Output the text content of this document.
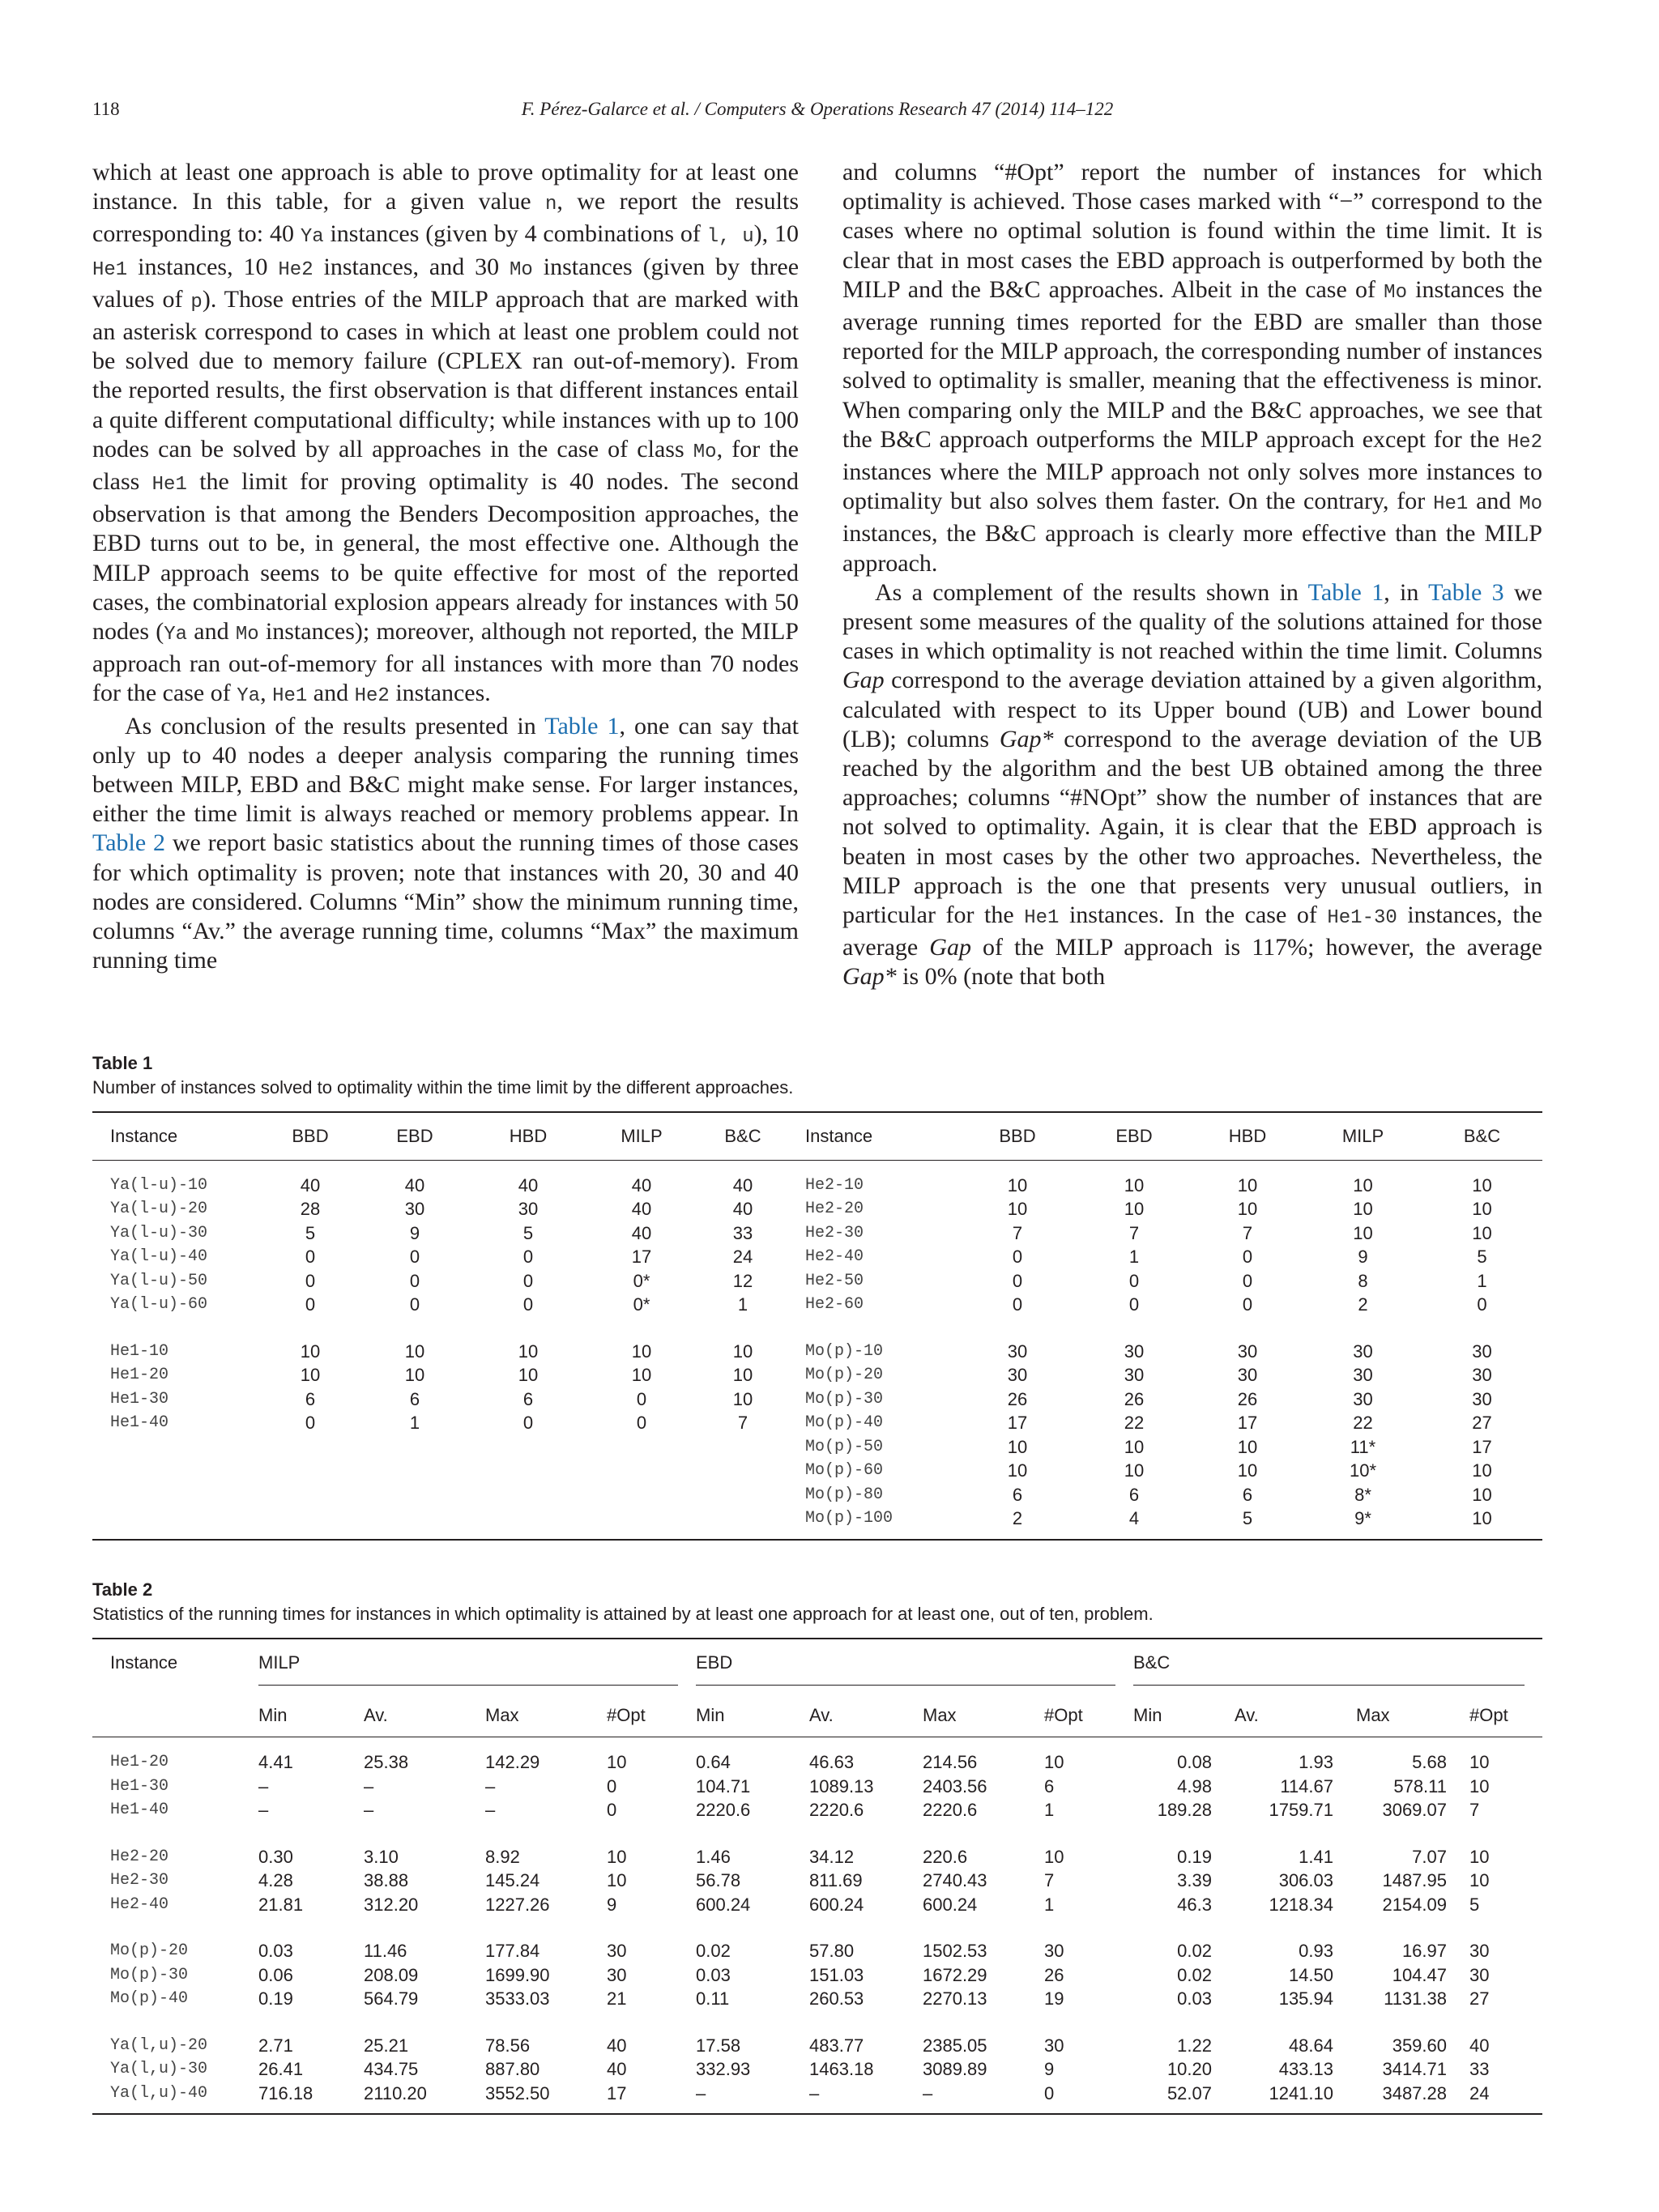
118	F. Pérez-Galarce et al. / Computers & Operations Research 47 (2014) 114–122

which at least one approach is able to prove optimality for at least one instance. In this table, for a given value n, we report the results corresponding to: 40 Ya instances (given by 4 combinations of l, u), 10 He1 instances, 10 He2 instances, and 30 Mo instances (given by three values of p). Those entries of the MILP approach that are marked with an asterisk correspond to cases in which at least one problem could not be solved due to memory failure (CPLEX ran out-of-memory). From the reported results, the first observation is that different instances entail a quite different computational difficulty; while instances with up to 100 nodes can be solved by all approaches in the case of class Mo, for the class He1 the limit for proving optimality is 40 nodes. The second observation is that among the Benders Decomposition approaches, the EBD turns out to be, in general, the most effective one. Although the MILP approach seems to be quite effective for most of the reported cases, the combinatorial explosion appears already for instances with 50 nodes (Ya and Mo instances); moreover, although not reported, the MILP approach ran out-of-memory for all instances with more than 70 nodes for the case of Ya, He1 and He2 instances.

As conclusion of the results presented in Table 1, one can say that only up to 40 nodes a deeper analysis comparing the running times between MILP, EBD and B&C might make sense. For larger instances, either the time limit is always reached or memory problems appear. In Table 2 we report basic statistics about the running times of those cases for which optimality is proven; note that instances with 20, 30 and 40 nodes are considered. Columns “Min” show the minimum running time, columns “Av.” the average running time, columns “Max” the maximum running time

and columns “#Opt” report the number of instances for which optimality is achieved. Those cases marked with “−” correspond to the cases where no optimal solution is found within the time limit. It is clear that in most cases the EBD approach is outperformed by both the MILP and the B&C approaches. Albeit in the case of Mo instances the average running times reported for the EBD are smaller than those reported for the MILP approach, the corresponding number of instances solved to optimality is smaller, meaning that the effectiveness is minor. When comparing only the MILP and the B&C approaches, we see that the B&C approach outperforms the MILP approach except for the He2 instances where the MILP approach not only solves more instances to optimality but also solves them faster. On the contrary, for He1 and Mo instances, the B&C approach is clearly more effective than the MILP approach.

As a complement of the results shown in Table 1, in Table 3 we present some measures of the quality of the solutions attained for those cases in which optimality is not reached within the time limit. Columns Gap correspond to the average deviation attained by a given algorithm, calculated with respect to its Upper bound (UB) and Lower bound (LB); columns Gap* correspond to the average deviation of the UB reached by the algorithm and the best UB obtained among the three approaches; columns “#NOpt” show the number of instances that are not solved to optimality. Again, it is clear that the EBD approach is beaten in most cases by the other two approaches. Nevertheless, the MILP approach is the one that presents very unusual outliers, in particular for the He1 instances. In the case of He1-30 instances, the average Gap of the MILP approach is 117%; however, the average Gap* is 0% (note that both

Table 1
Number of instances solved to optimality within the time limit by the different approaches.
Instance	BBD	EBD	HBD	MILP	B&C	Instance	BBD	EBD	HBD	MILP	B&C
Ya(l-u)-10	40	40	40	40	40	He2-10	10	10	10	10	10
Ya(l-u)-20	28	30	30	40	40	He2-20	10	10	10	10	10
Ya(l-u)-30	5	9	5	40	33	He2-30	7	7	7	10	10
Ya(l-u)-40	0	0	0	17	24	He2-40	0	1	0	9	5
Ya(l-u)-50	0	0	0	0*	12	He2-50	0	0	0	8	1
Ya(l-u)-60	0	0	0	0*	1	He2-60	0	0	0	2	0

He1-10	10	10	10	10	10	Mo(p)-10	30	30	30	30	30
He1-20	10	10	10	10	10	Mo(p)-20	30	30	30	30	30
He1-30	6	6	6	0	10	Mo(p)-30	26	26	26	30	30
He1-40	0	1	0	0	7	Mo(p)-40	17	22	17	22	27
						Mo(p)-50	10	10	10	11*	17
						Mo(p)-60	10	10	10	10*	10
						Mo(p)-80	6	6	6	8*	10
						Mo(p)-100	2	4	5	9*	10
Table 2
Statistics of the running times for instances in which optimality is attained by at least one approach for at least one, out of ten, problem.
Instance	MILP				EBD				B&C			

	Min	Av.	Max	#Opt	Min	Av.	Max	#Opt	Min	Av.	Max	#Opt
He1-20	4.41	25.38	142.29	10	0.64	46.63	214.56	10	0.08	1.93	5.68	10
He1-30	–	–	–	0	104.71	1089.13	2403.56	6	4.98	114.67	578.11	10
He1-40	–	–	–	0	2220.6	2220.6	2220.6	1	189.28	1759.71	3069.07	7

He2-20	0.30	3.10	8.92	10	1.46	34.12	220.6	10	0.19	1.41	7.07	10
He2-30	4.28	38.88	145.24	10	56.78	811.69	2740.43	7	3.39	306.03	1487.95	10
He2-40	21.81	312.20	1227.26	9	600.24	600.24	600.24	1	46.3	1218.34	2154.09	5

Mo(p)-20	0.03	11.46	177.84	30	0.02	57.80	1502.53	30	0.02	0.93	16.97	30
Mo(p)-30	0.06	208.09	1699.90	30	0.03	151.03	1672.29	26	0.02	14.50	104.47	30
Mo(p)-40	0.19	564.79	3533.03	21	0.11	260.53	2270.13	19	0.03	135.94	1131.38	27

Ya(l,u)-20	2.71	25.21	78.56	40	17.58	483.77	2385.05	30	1.22	48.64	359.60	40
Ya(l,u)-30	26.41	434.75	887.80	40	332.93	1463.18	3089.89	9	10.20	433.13	3414.71	33
Ya(l,u)-40	716.18	2110.20	3552.50	17	–	–	–	0	52.07	1241.10	3487.28	24
